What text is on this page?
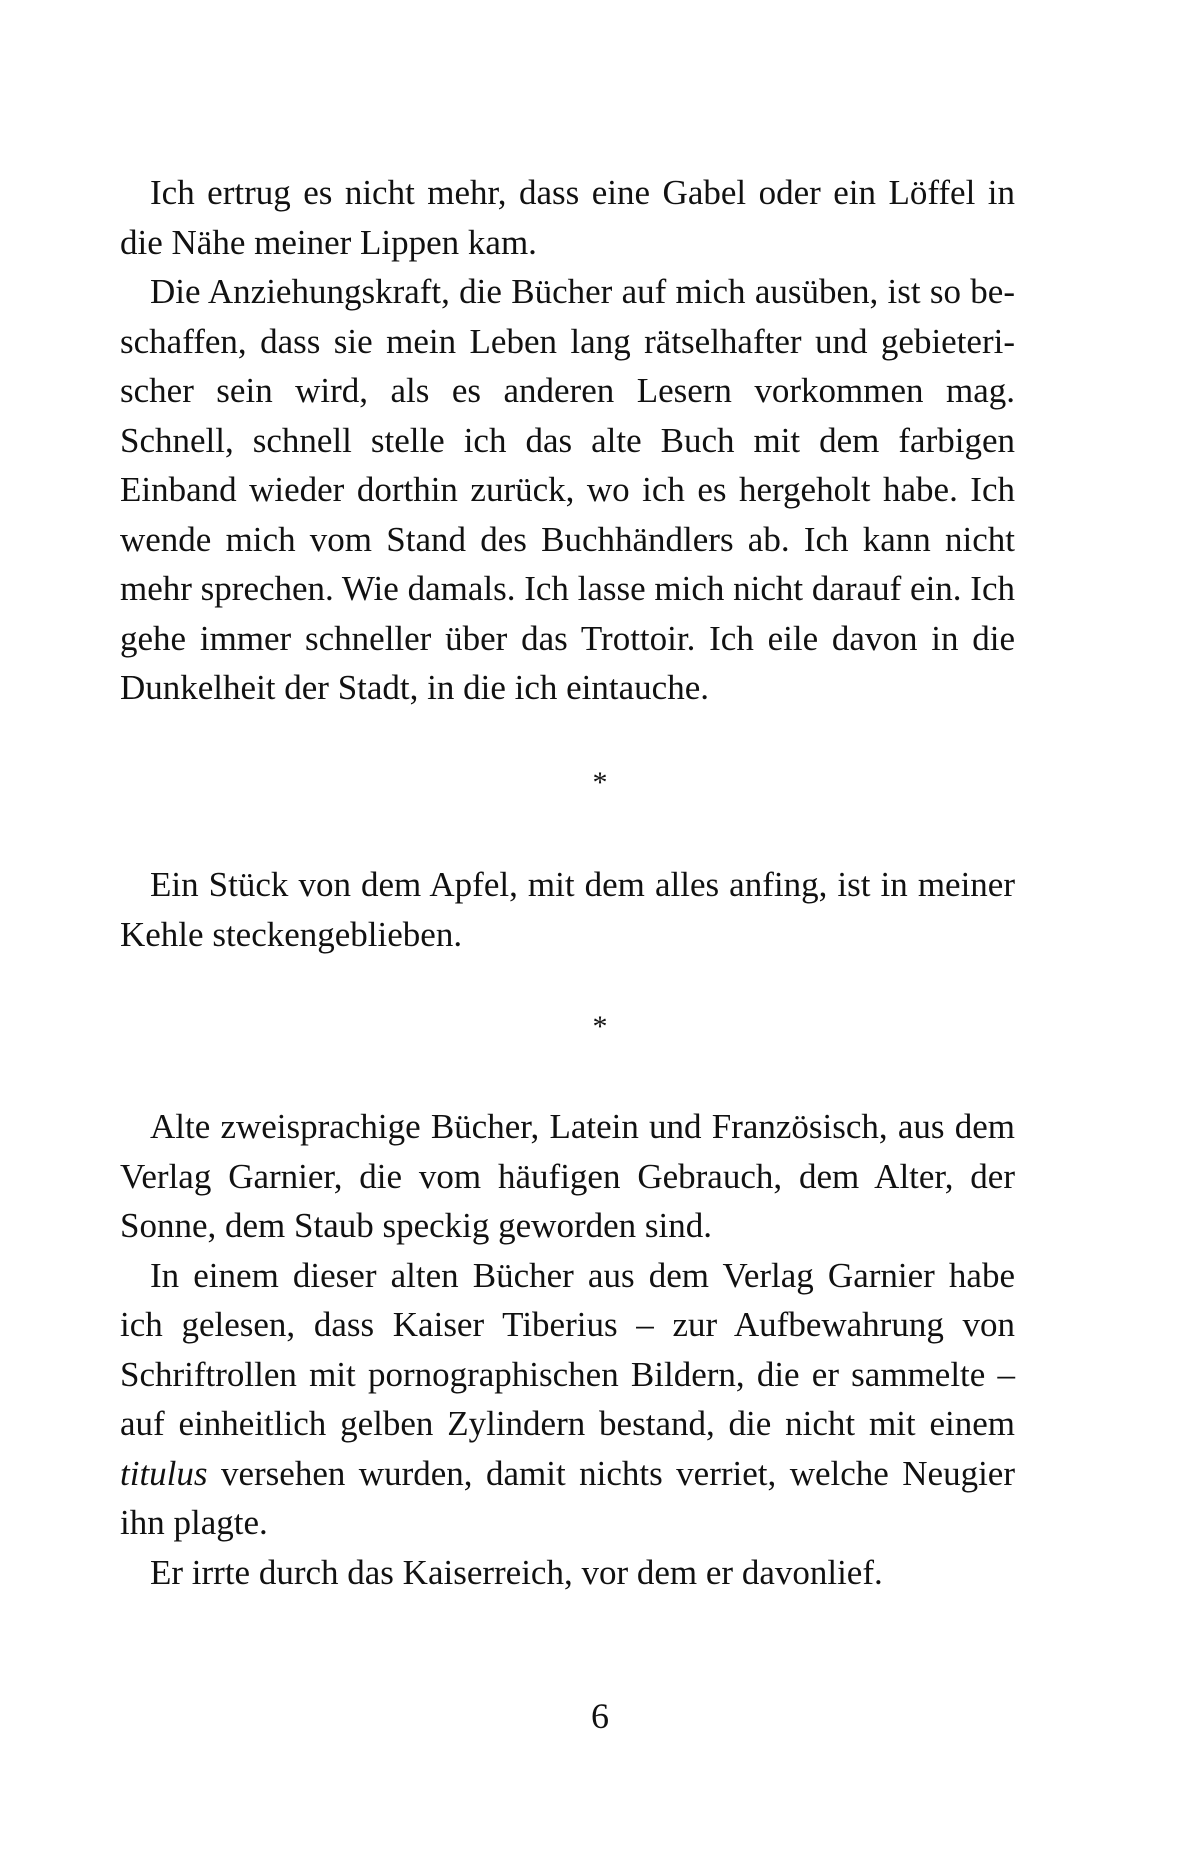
Ich ertrug es nicht mehr, dass eine Gabel oder ein Löffel in die Nähe meiner Lippen kam.

Die Anziehungskraft, die Bücher auf mich ausüben, ist so beschaffen, dass sie mein Leben lang rätselhafter und gebieterischer sein wird, als es anderen Lesern vorkommen mag. Schnell, schnell stelle ich das alte Buch mit dem farbigen Einband wieder dorthin zurück, wo ich es hergeholt habe. Ich wende mich vom Stand des Buchhändlers ab. Ich kann nicht mehr sprechen. Wie damals. Ich lasse mich nicht darauf ein. Ich gehe immer schneller über das Trottoir. Ich eile davon in die Dunkelheit der Stadt, in die ich eintauche.

*

Ein Stück von dem Apfel, mit dem alles anfing, ist in meiner Kehle steckengeblieben.

*

Alte zweisprachige Bücher, Latein und Französisch, aus dem Verlag Garnier, die vom häufigen Gebrauch, dem Alter, der Sonne, dem Staub speckig geworden sind.

In einem dieser alten Bücher aus dem Verlag Garnier habe ich gelesen, dass Kaiser Tiberius – zur Aufbewahrung von Schriftrollen mit pornographischen Bildern, die er sammelte – auf einheitlich gelben Zylindern bestand, die nicht mit einem titulus versehen wurden, damit nichts verriet, welche Neugier ihn plagte.

Er irrte durch das Kaiserreich, vor dem er davonlief.

6
